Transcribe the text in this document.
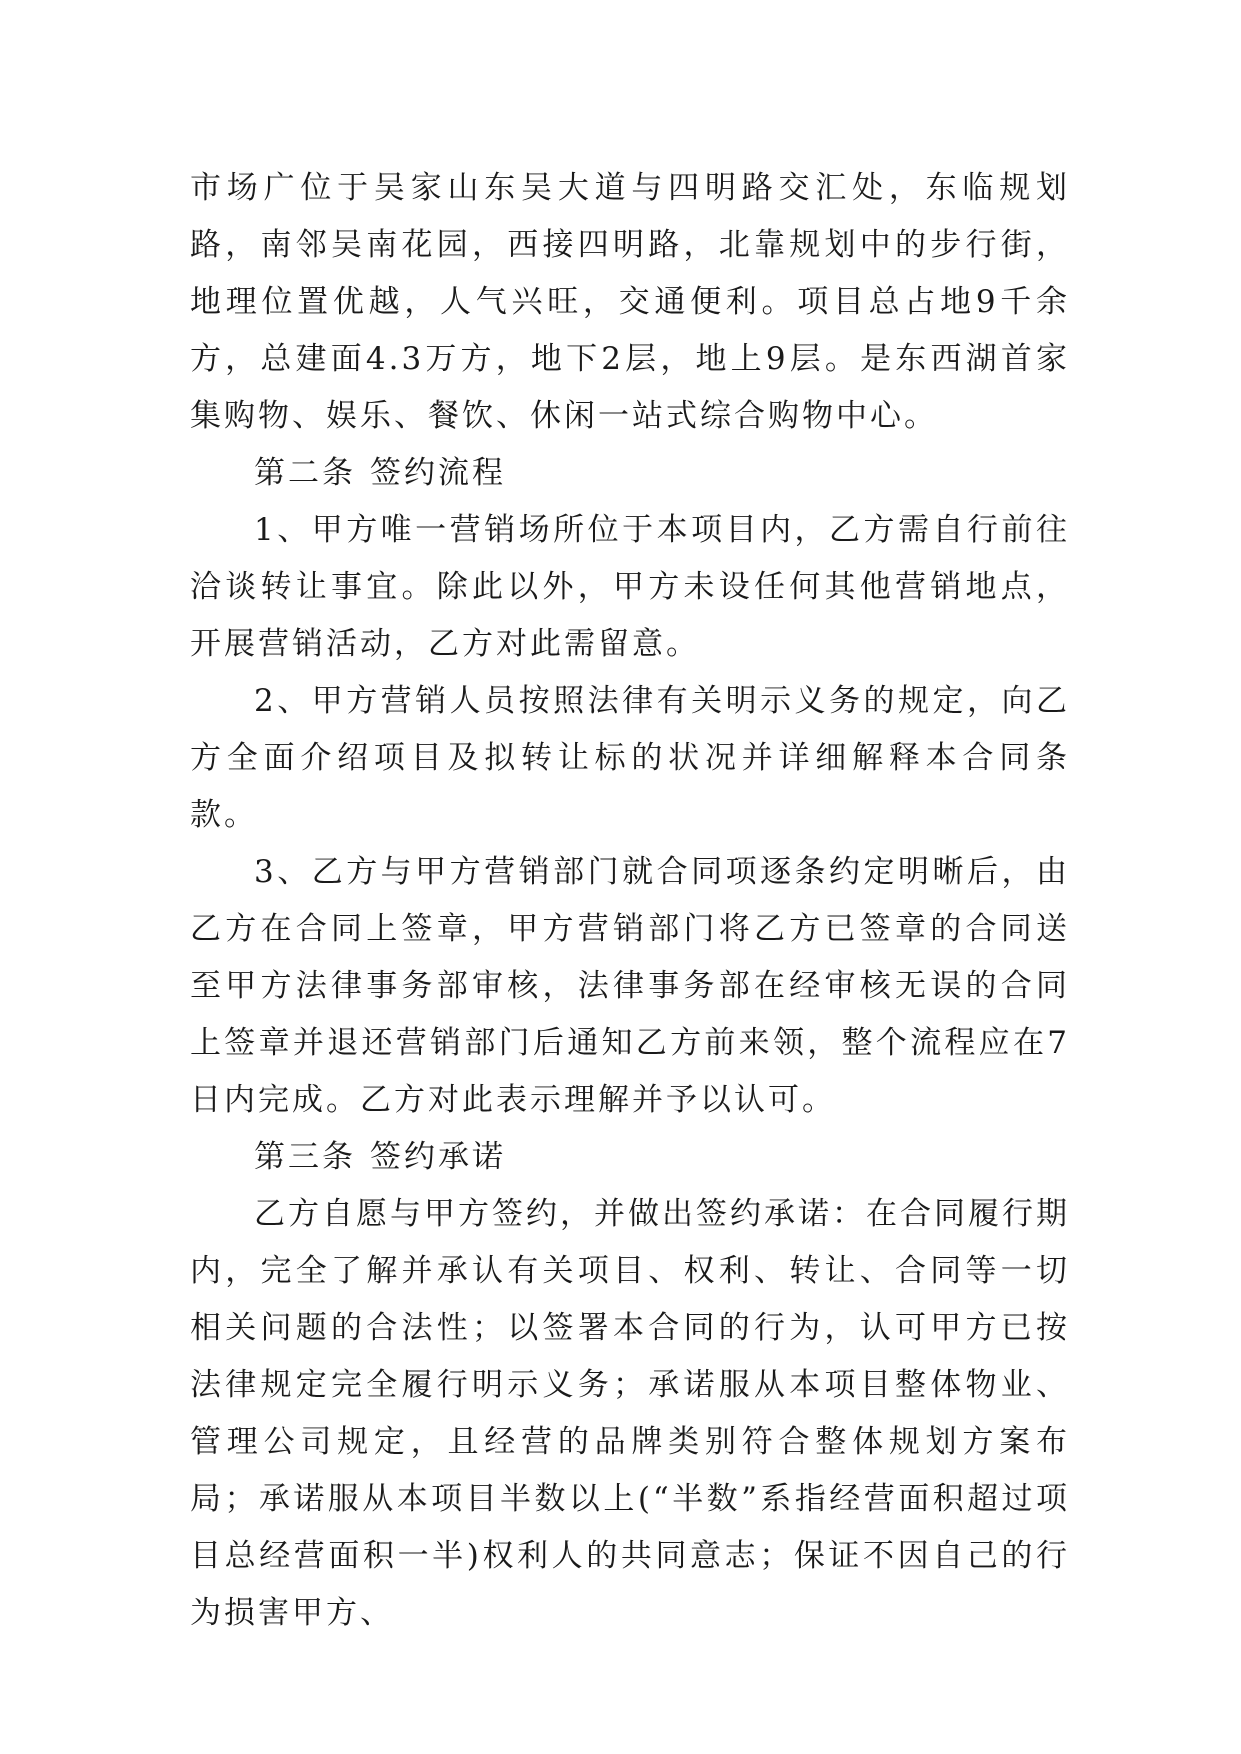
市场广位于吴家山东吴大道与四明路交汇处，东临规划路，南邻吴南花园，西接四明路，北靠规划中的步行街，地理位置优越，人气兴旺，交通便利。项目总占地9千余方，总建面4.3万方，地下2层，地上9层。是东西湖首家集购物、娱乐、餐饮、休闲一站式综合购物中心。

第二条 签约流程

1、甲方唯一营销场所位于本项目内，乙方需自行前往洽谈转让事宜。除此以外，甲方未设任何其他营销地点，开展营销活动，乙方对此需留意。

2、甲方营销人员按照法律有关明示义务的规定，向乙方全面介绍项目及拟转让标的状况并详细解释本合同条款。

3、乙方与甲方营销部门就合同项逐条约定明晰后，由乙方在合同上签章，甲方营销部门将乙方已签章的合同送至甲方法律事务部审核，法律事务部在经审核无误的合同上签章并退还营销部门后通知乙方前来领，整个流程应在7日内完成。乙方对此表示理解并予以认可。

第三条 签约承诺

乙方自愿与甲方签约，并做出签约承诺：在合同履行期内，完全了解并承认有关项目、权利、转让、合同等一切相关问题的合法性；以签署本合同的行为，认可甲方已按法律规定完全履行明示义务；承诺服从本项目整体物业、管理公司规定，且经营的品牌类别符合整体规划方案布局；承诺服从本项目半数以上(“半数”系指经营面积超过项目总经营面积一半)权利人的共同意志；保证不因自己的行为损害甲方、
